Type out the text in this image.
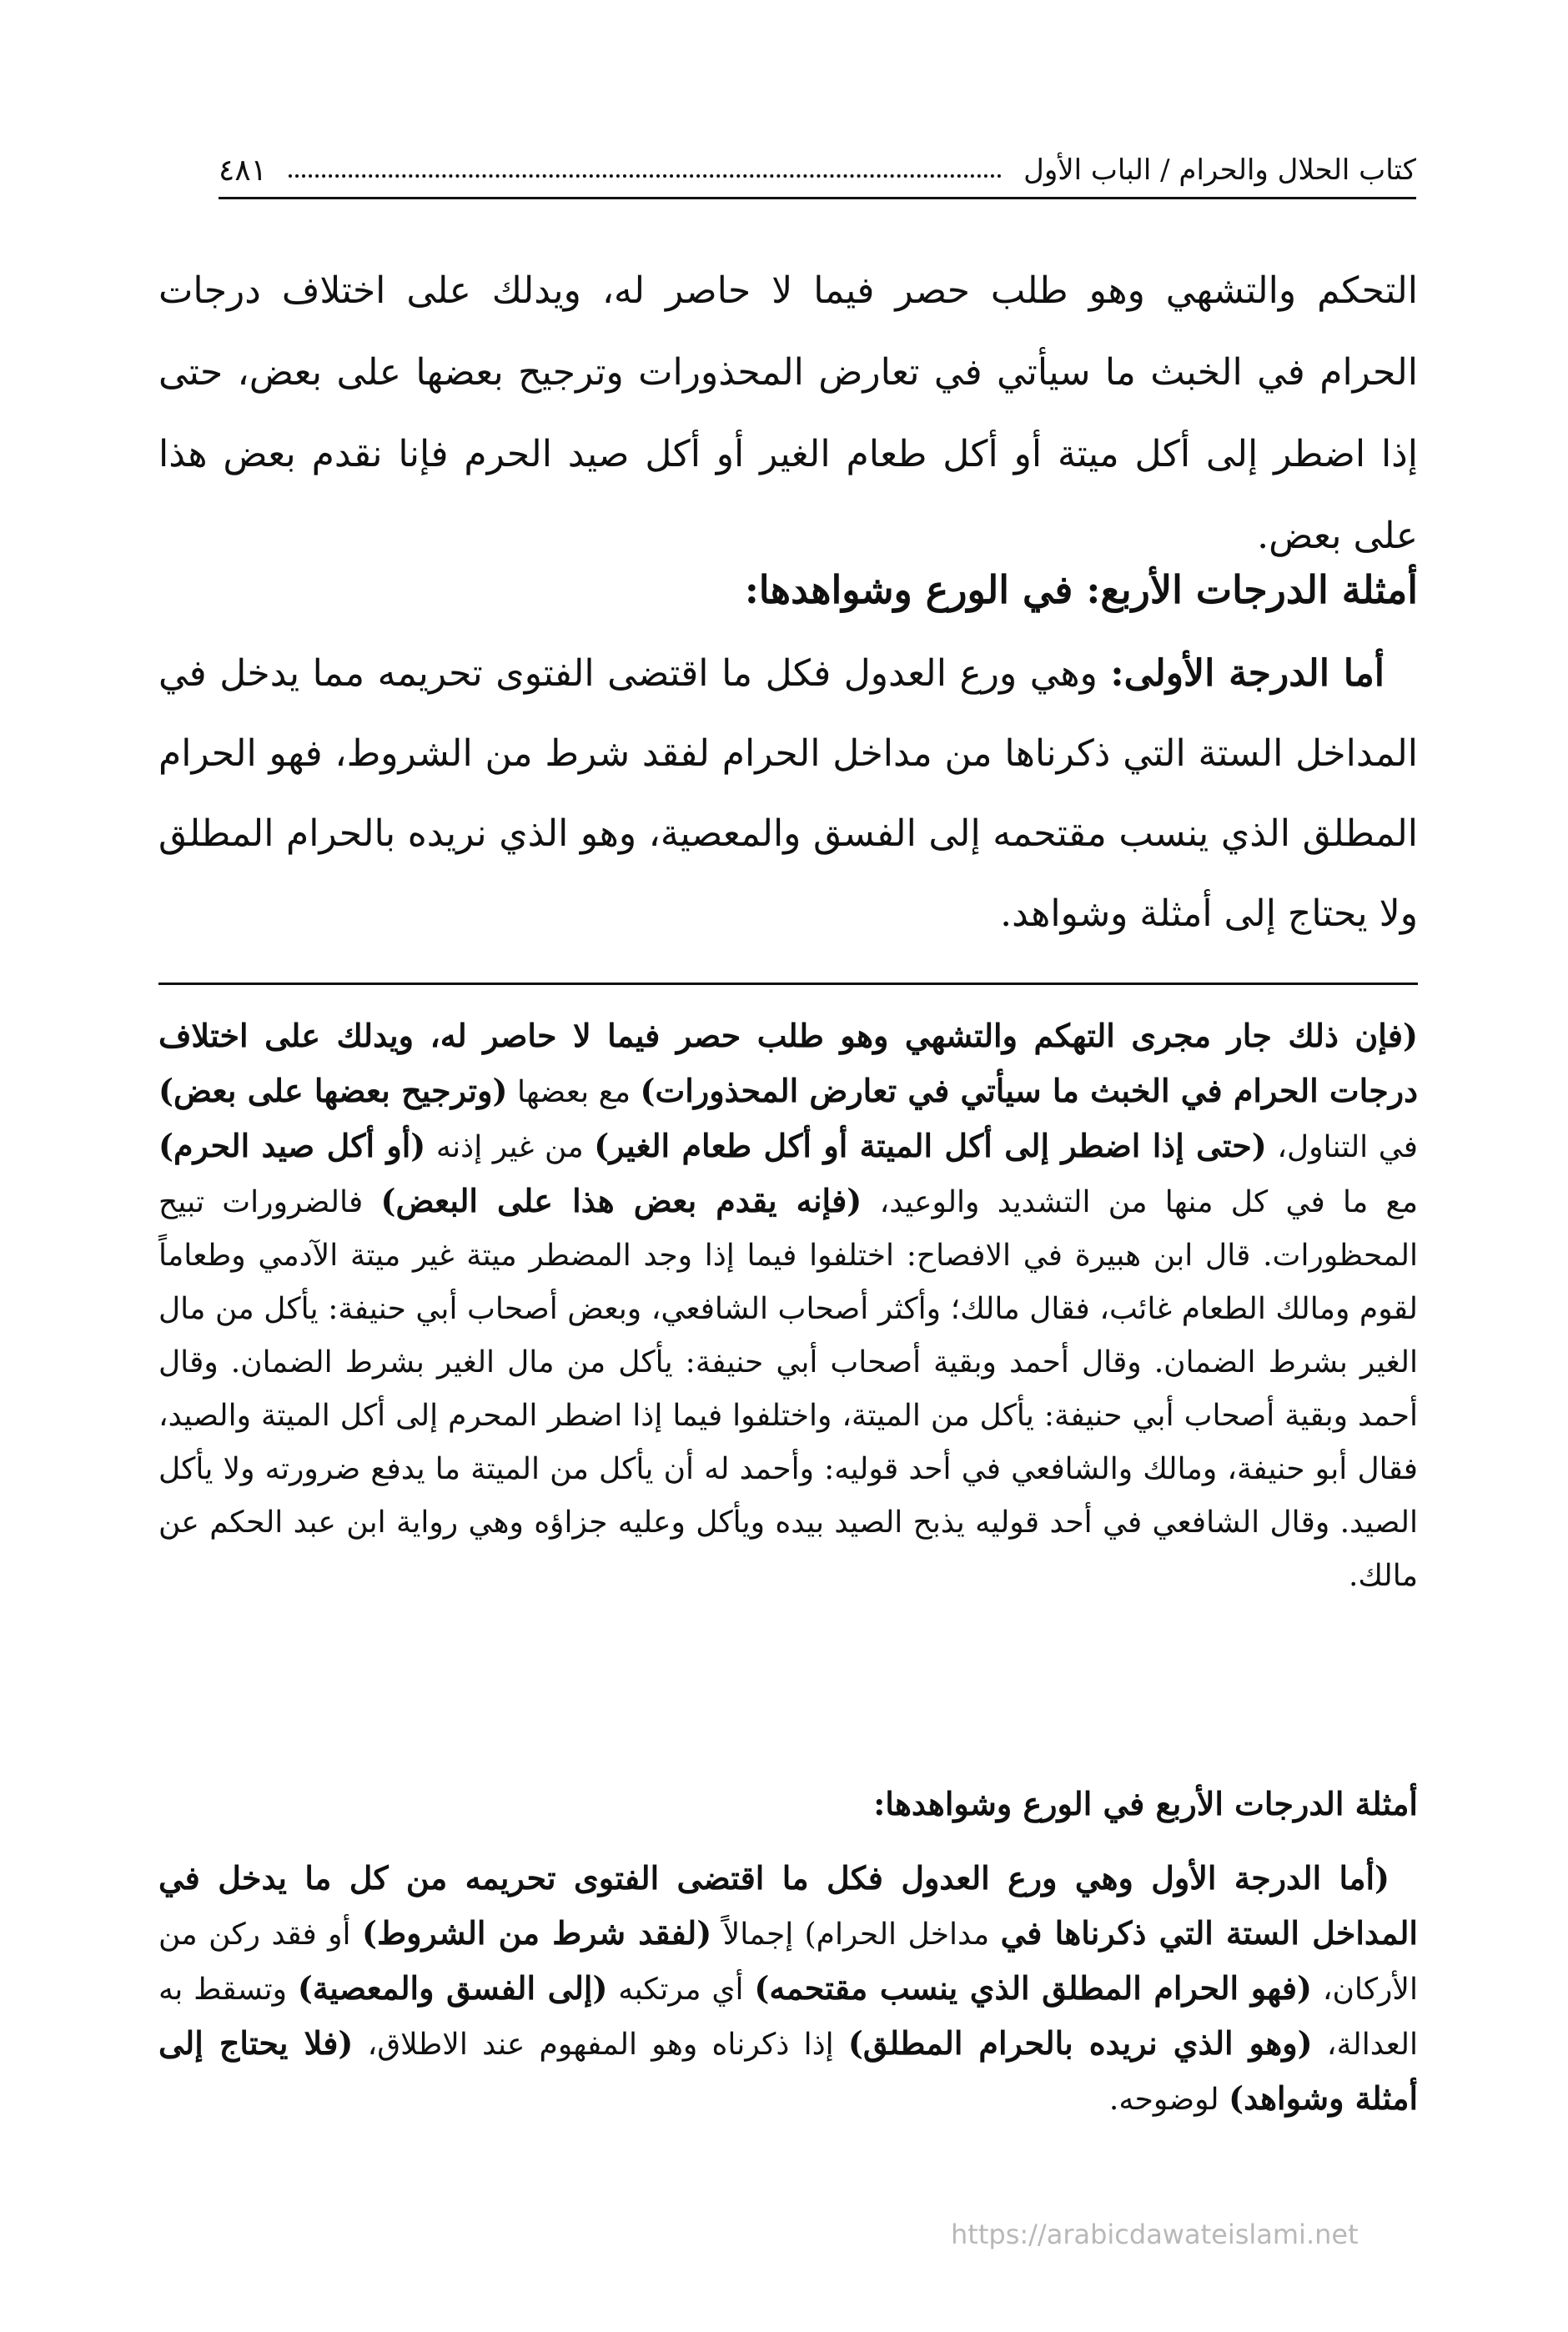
كتاب الحلال والحرام / الباب الأول
٤٨١

التحكم والتشهي وهو طلب حصر فيما لا حاصر له، ويدلك على اختلاف درجات الحرام في الخبث ما سيأتي في تعارض المحذورات وترجيح بعضها على بعض، حتى إذا اضطر إلى أكل ميتة أو أكل طعام الغير أو أكل صيد الحرم فإنا نقدم بعض هذا على بعض.

أمثلة الدرجات الأربع: في الورع وشواهدها:

أما الدرجة الأولى: وهي ورع العدول فكل ما اقتضى الفتوى تحريمه مما يدخل في المداخل الستة التي ذكرناها من مداخل الحرام لفقد شرط من الشروط، فهو الحرام المطلق الذي ينسب مقتحمه إلى الفسق والمعصية، وهو الذي نريده بالحرام المطلق ولا يحتاج إلى أمثلة وشواهد.

(فإن ذلك جار مجرى التهكم والتشهي وهو طلب حصر فيما لا حاصر له، ويدلك على اختلاف درجات الحرام في الخبث ما سيأتي في تعارض المحذورات) مع بعضها (وترجيح بعضها على بعض) في التناول، (حتى إذا اضطر إلى أكل الميتة أو أكل طعام الغير) من غير إذنه (أو أكل صيد الحرم) مع ما في كل منها من التشديد والوعيد، (فإنه يقدم بعض هذا على البعض) فالضرورات تبيح المحظورات. قال ابن هبيرة في الافصاح: اختلفوا فيما إذا وجد المضطر ميتة غير ميتة الآدمي وطعاماً لقوم ومالك الطعام غائب، فقال مالك؛ وأكثر أصحاب الشافعي، وبعض أصحاب أبي حنيفة: يأكل من مال الغير بشرط الضمان. وقال أحمد وبقية أصحاب أبي حنيفة: يأكل من مال الغير بشرط الضمان. وقال أحمد وبقية أصحاب أبي حنيفة: يأكل من الميتة، واختلفوا فيما إذا اضطر المحرم إلى أكل الميتة والصيد، فقال أبو حنيفة، ومالك والشافعي في أحد قوليه: وأحمد له أن يأكل من الميتة ما يدفع ضرورته ولا يأكل الصيد. وقال الشافعي في أحد قوليه يذبح الصيد بيده ويأكل وعليه جزاؤه وهي رواية ابن عبد الحكم عن مالك.

أمثلة الدرجات الأربع في الورع وشواهدها:

(أما الدرجة الأول وهي ورع العدول فكل ما اقتضى الفتوى تحريمه من كل ما يدخل في المداخل الستة التي ذكرناها في مداخل الحرام) إجمالاً (لفقد شرط من الشروط) أو فقد ركن من الأركان، (فهو الحرام المطلق الذي ينسب مقتحمه) أي مرتكبه (إلى الفسق والمعصية) وتسقط به العدالة، (وهو الذي نريده بالحرام المطلق) إذا ذكرناه وهو المفهوم عند الاطلاق، (فلا يحتاج إلى أمثلة وشواهد) لوضوحه.

https://arabicdawateislami.net
